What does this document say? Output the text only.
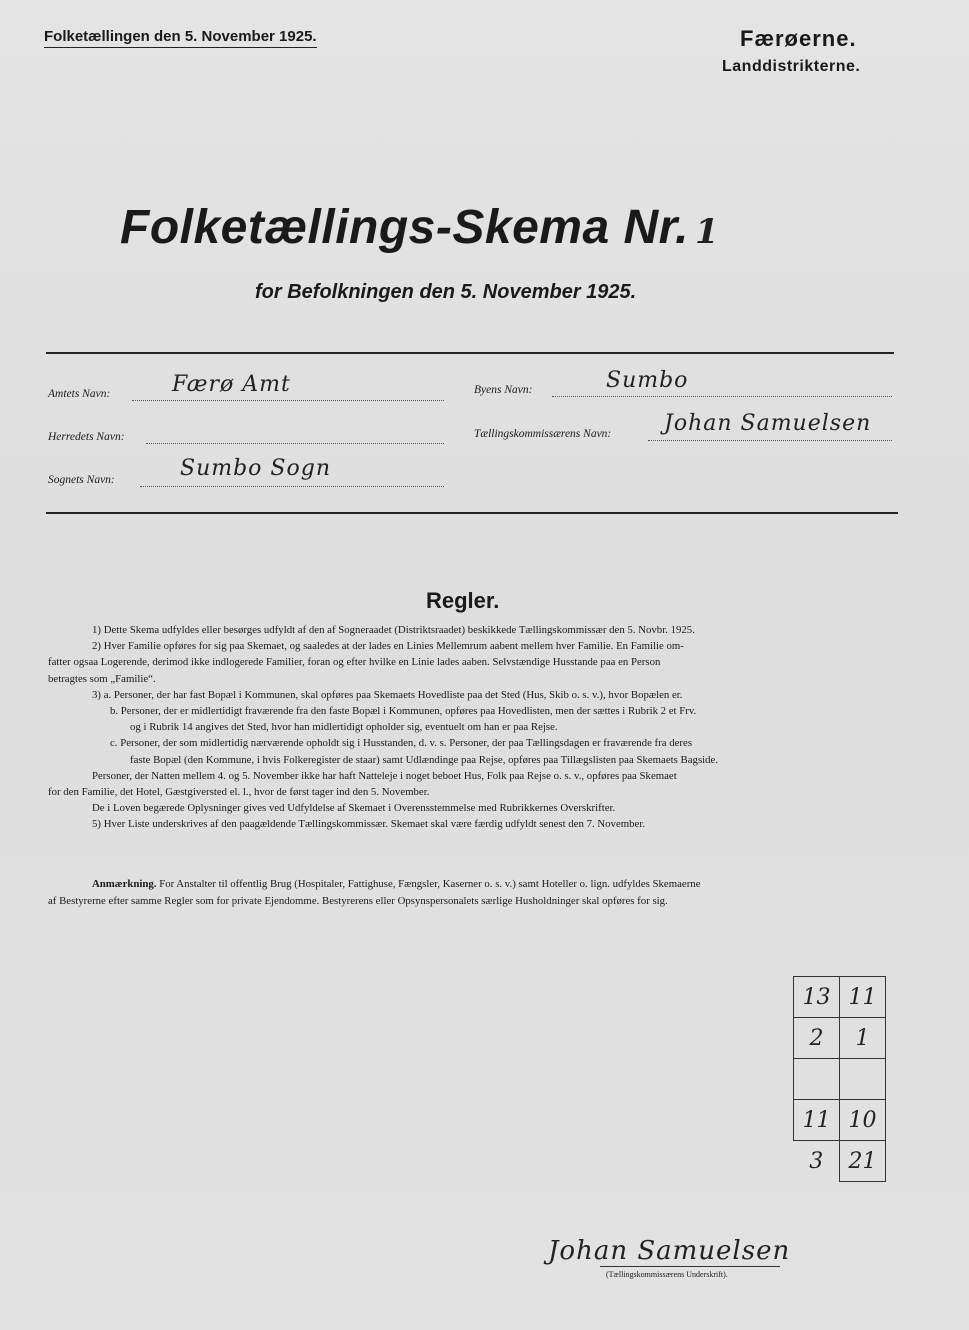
Folketællingen den 5. November 1925.	Færøerne.
Landdistrikterne.
Folketællings-Skema Nr. 1
for Befolkningen den 5. November 1925.
Amtets Navn:	Færø Amt	Byens Navn:	Sumbo
Herredets Navn:	Tællingskommissærens Navn: Johan Samuelsen
Sognets Navn:	Sumbo Sogn
Regler.

1) Dette Skema udfyldes eller besørges udfyldt af den af Sogneraadet (Distriktsraadet) beskikkede Tællingskommissær den 5. Novbr. 1925.

2) Hver Familie opføres for sig paa Skemaet, og saaledes at der lades en Linies Mellemrum aabent mellem hver Familie. En Familie om-

fatter ogsaa Logerende, derimod ikke indlogerede Familier, foran og efter hvilke en Linie lades aaben. Selvstændige Husstande paa en Person

betragtes som „Familie“.

3) a. Personer, der har fast Bopæl i Kommunen, skal opføres paa Skemaets Hovedliste paa det Sted (Hus, Skib o. s. v.), hvor Bopælen er.

b. Personer, der er midlertidigt fraværende fra den faste Bopæl i Kommunen, opføres paa Hovedlisten, men der sættes i Rubrik 2 et Frv.

og i Rubrik 14 angives det Sted, hvor han midlertidigt opholder sig, eventuelt om han er paa Rejse.

c. Personer, der som midlertidig nærværende opholdt sig i Husstanden, d. v. s. Personer, der paa Tællingsdagen er fraværende fra deres

faste Bopæl (den Kommune, i hvis Folkeregister de staar) samt Udlændinge paa Rejse, opføres paa Tillægslisten paa Skemaets Bagside.

Personer, der Natten mellem 4. og 5. November ikke har haft Natteleje i noget beboet Hus, Folk paa Rejse o. s. v., opføres paa Skemaet

for den Familie, det Hotel, Gæstgiversted el. l., hvor de først tager ind den 5. November.

De i Loven begærede Oplysninger gives ved Udfyldelse af Skemaet i Overensstemmelse med Rubrikkernes Overskrifter.

5) Hver Liste underskrives af den paagældende Tællingskommissær. Skemaet skal være færdig udfyldt senest den 7. November.

Anmærkning. For Anstalter til offentlig Brug (Hospitaler, Fattighuse, Fængsler, Kaserner o. s. v.) samt Hoteller o. lign. udfyldes Skemaerne

af Bestyrerne efter samme Regler som for private Ejendomme. Bestyrerens eller Opsynspersonalets særlige Husholdninger skal opføres for sig.

13	11
2	1

11	10
3	21
Johan Samuelsen
(Tællingskommissærens Underskrift).
